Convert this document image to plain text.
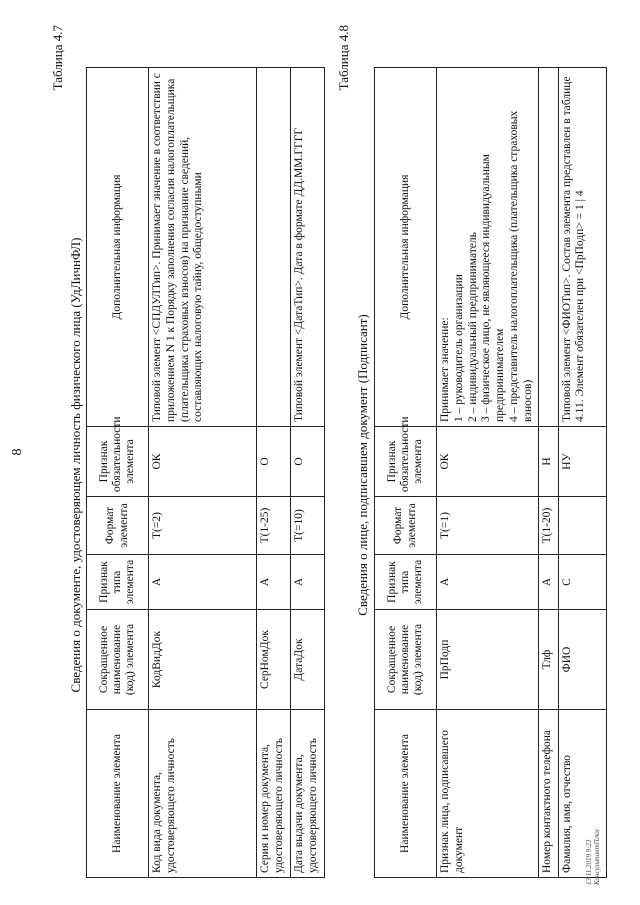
8
Таблица 4.7
Сведения о документе, удостоверяющем личность физического лица (УдЛичнФЛ)
Наименование элемента	Сокращенное наименование (код) элемента	Признак типа элемента	Формат элемента	Признак обязательности элемента	Дополнительная информация
Код вида документа, удостоверяющего личность	КодВидДок	А	T(=2)	ОК	Типовой элемент <СПДУЛТип>. Принимает значение в соответствии с приложением N 1 к Порядку заполнения согласия налогоплательщика (плательщика страховых взносов) на признание сведений, составляющих налоговую тайну, общедоступными
Серия и номер документа, удостоверяющего личность	СерНомДок	А	T(1-25)	О	
Дата выдачи документа, удостоверяющего личность	ДатаДок	А	T(=10)	О	Типовой элемент <ДатаТип>. Дата в формате ДД.ММ.ГГГГ
Таблица 4.8
Сведения о лице, подписавшем документ (Подписант)
Наименование элемента	Сокращенное наименование (код) элемента	Признак типа элемента	Формат элемента	Признак обязательности элемента	Дополнительная информация
Признак лица, подписавшего документ	ПрПодп	А	T(=1)	ОК	Принимает значение: 1 – руководитель организации 2 – индивидуальный предприниматель 3 – физическое лицо, не являющееся индивидуальным предпринимателем 4 – представитель налогоплательщика (плательщика страховых взносов)

Номер контактного телефона	Тлф	А	T(1-20)	Н	
Фамилия, имя, отчество	ФИО	С		НУ	Типовой элемент <ФИОТип>. Состав элемента представлен в таблице 4.11. Элемент обязателен при <ПрПодп> = 1 | 4
13.11.2019 9:23 КонсультантПлюс
